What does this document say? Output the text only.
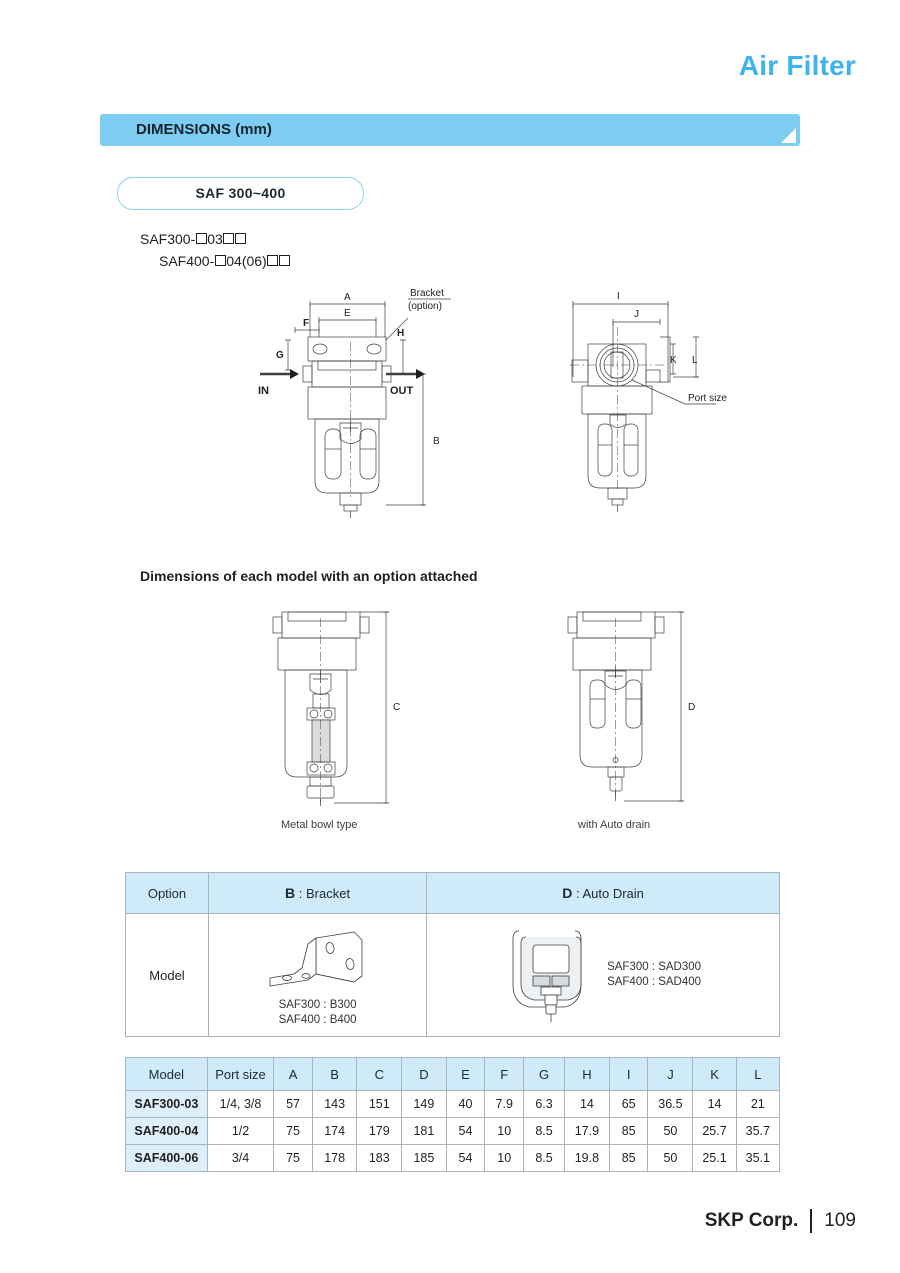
Air Filter
DIMENSIONS (mm)
SAF 300~400
SAF300- 03
SAF400- 04(06)
A
E
F
G
H
B
IN	OUT
Bracket
(option)
I
J
K L
Port size
Dimensions of each model with an option attached
C	D
Metal bowl type	with Auto drain
Option	B : Bracket	D : Auto Drain
Model	
SAF300 : B300
SAF400 : B400

SAF300 : SAD300
SAF400 : SAD400
Model	Port size	A	B	C	D	E	F	G	H	I	J	K	L
SAF300-03	1/4, 3/8	57	143	151	149	40	7.9	6.3	14	65	36.5	14	21
SAF400-04	1/2	75	174	179	181	54	10	8.5	17.9	85	50	25.7	35.7
SAF400-06	3/4	75	178	183	185	54	10	8.5	19.8	85	50	25.1	35.1
SKP Corp. 109
